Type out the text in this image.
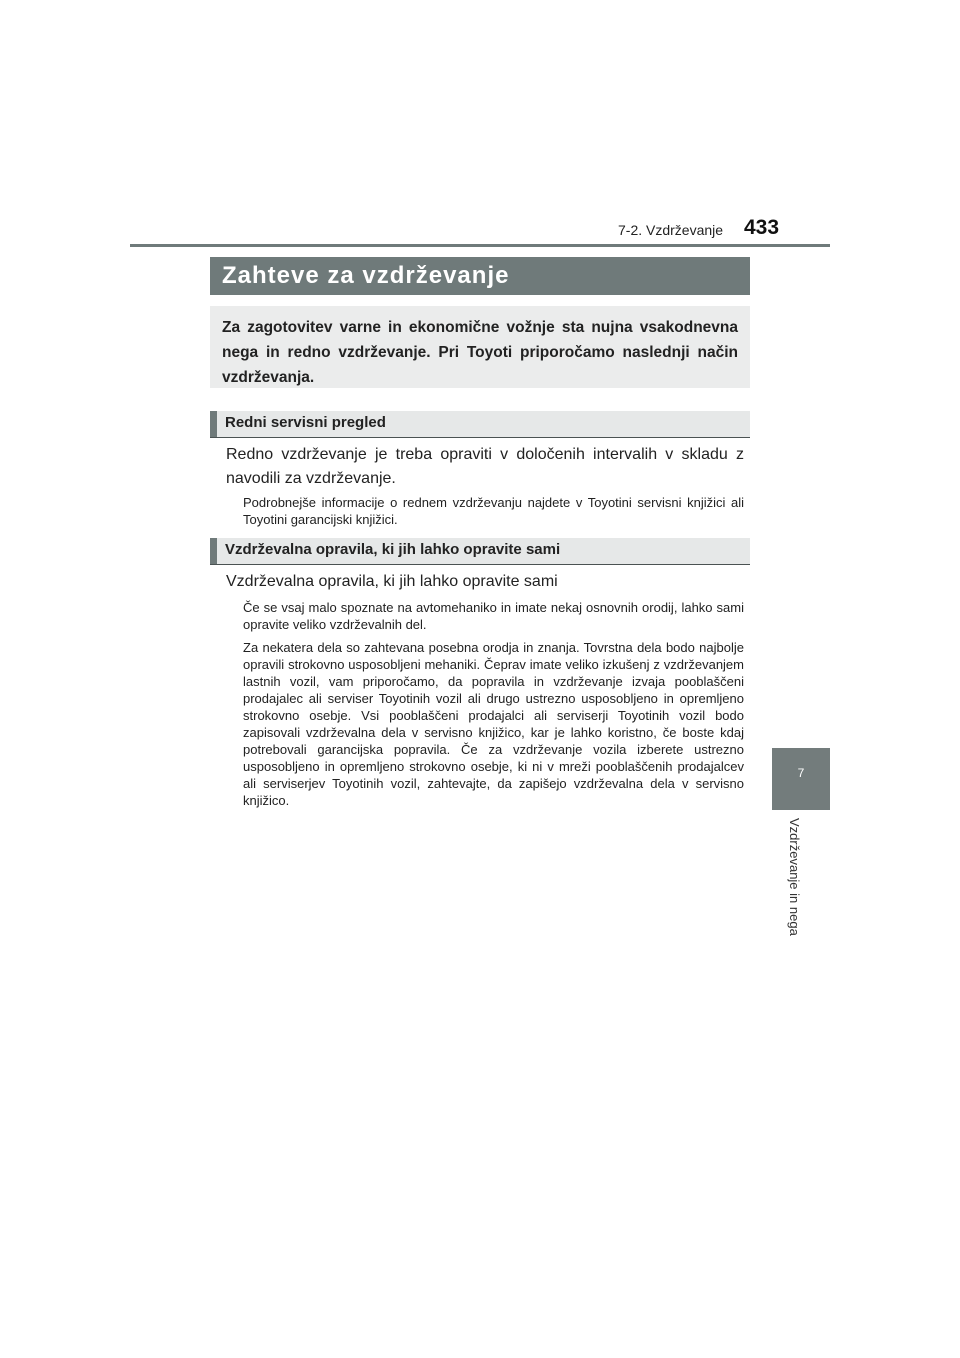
7-2. Vzdrževanje 433
7
Vzdrževanje in nega
Zahteve za vzdrževanje
Za zagotovitev varne in ekonomične vožnje sta nujna vsakodnevna nega in redno vzdrževanje. Pri Toyoti priporočamo naslednji način vzdrževanja.
Redni servisni pregled
Redno vzdrževanje je treba opraviti v določenih intervalih v skladu z navodili za vzdrževanje.
Podrobnejše informacije o rednem vzdrževanju najdete v Toyotini servisni knjižici ali Toyotini garancijski knjižici.
Vzdrževalna opravila, ki jih lahko opravite sami
Vzdrževalna opravila, ki jih lahko opravite sami
Če se vsaj malo spoznate na avtomehaniko in imate nekaj osnovnih orodij, lahko sami opravite veliko vzdrževalnih del.
Za nekatera dela so zahtevana posebna orodja in znanja. Tovrstna dela bodo najbolje opravili strokovno usposobljeni mehaniki. Čeprav imate veliko izkušenj z vzdrževanjem lastnih vozil, vam priporočamo, da popravila in vzdrževanje izvaja pooblaščeni prodajalec ali serviser Toyotinih vozil ali drugo ustrezno usposobljeno in opremljeno strokovno osebje. Vsi pooblaščeni prodajalci ali serviserji Toyotinih vozil bodo zapisovali vzdrževalna dela v servisno knjižico, kar je lahko koristno, če boste kdaj potrebovali garancijska popravila. Če za vzdrževanje vozila izberete ustrezno usposobljeno in opremljeno strokovno osebje, ki ni v mreži pooblaščenih prodajalcev ali serviserjev Toyotinih vozil, zahtevajte, da zapišejo vzdrževalna dela v servisno knjižico.
